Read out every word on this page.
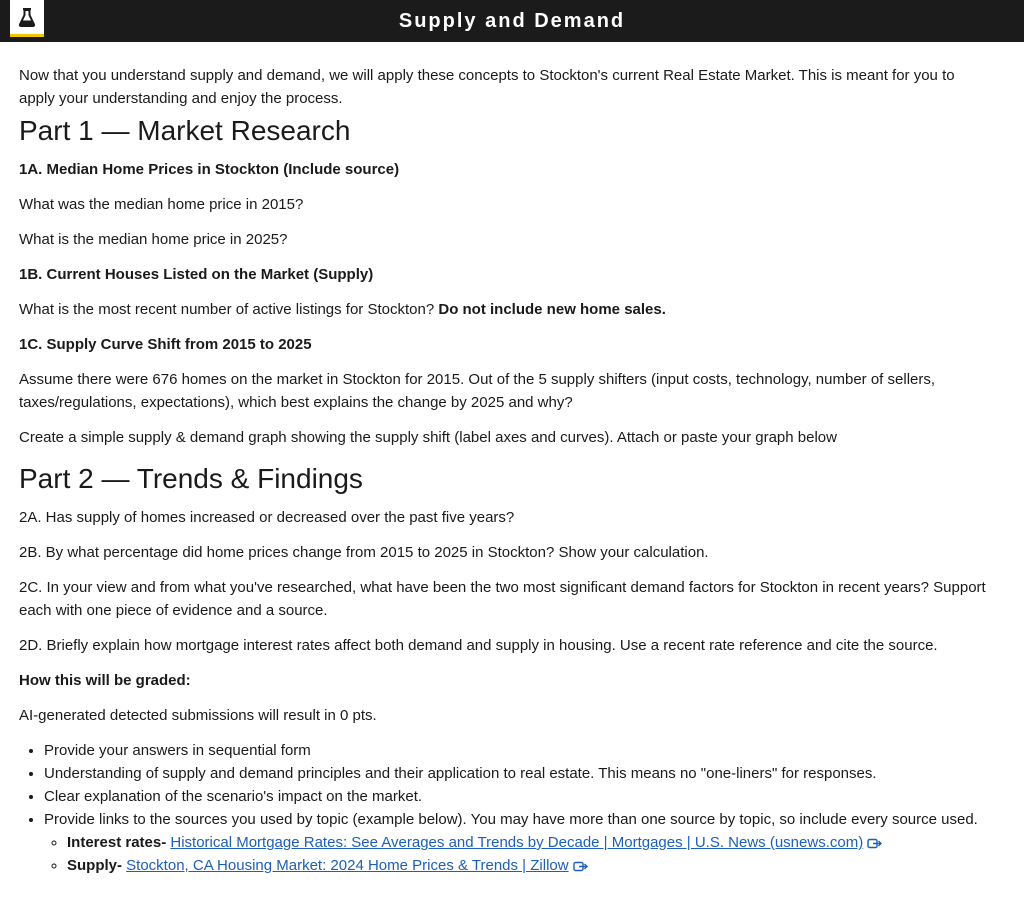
Supply and Demand

Now that you understand supply and demand, we will apply these concepts to Stockton's current Real Estate Market. This is meant for you to apply your understanding and enjoy the process.

Part 1 — Market Research

1A. Median Home Prices in Stockton (Include source)

What was the median home price in 2015?

What is the median home price in 2025?

1B. Current Houses Listed on the Market (Supply)

What is the most recent number of active listings for Stockton? Do not include new home sales.

1C. Supply Curve Shift from 2015 to 2025

Assume there were 676 homes on the market in Stockton for 2015. Out of the 5 supply shifters (input costs, technology, number of sellers, taxes/regulations, expectations), which best explains the change by 2025 and why?

Create a simple supply & demand graph showing the supply shift (label axes and curves). Attach or paste your graph below

Part 2 — Trends & Findings

2A. Has supply of homes increased or decreased over the past five years?

2B. By what percentage did home prices change from 2015 to 2025 in Stockton? Show your calculation.

2C. In your view and from what you've researched, what have been the two most significant demand factors for Stockton in recent years? Support each with one piece of evidence and a source.

2D. Briefly explain how mortgage interest rates affect both demand and supply in housing. Use a recent rate reference and cite the source.

How this will be graded:

AI-generated detected submissions will result in 0 pts.

• Provide your answers in sequential form
• Understanding of supply and demand principles and their application to real estate. This means no "one-liners" for responses.
• Clear explanation of the scenario's impact on the market.
• Provide links to the sources you used by topic (example below). You may have more than one source by topic, so include every source used.
◦ Interest rates- Historical Mortgage Rates: See Averages and Trends by Decade | Mortgages | U.S. News (usnews.com)
◦ Supply- Stockton, CA Housing Market: 2024 Home Prices & Trends | Zillow
